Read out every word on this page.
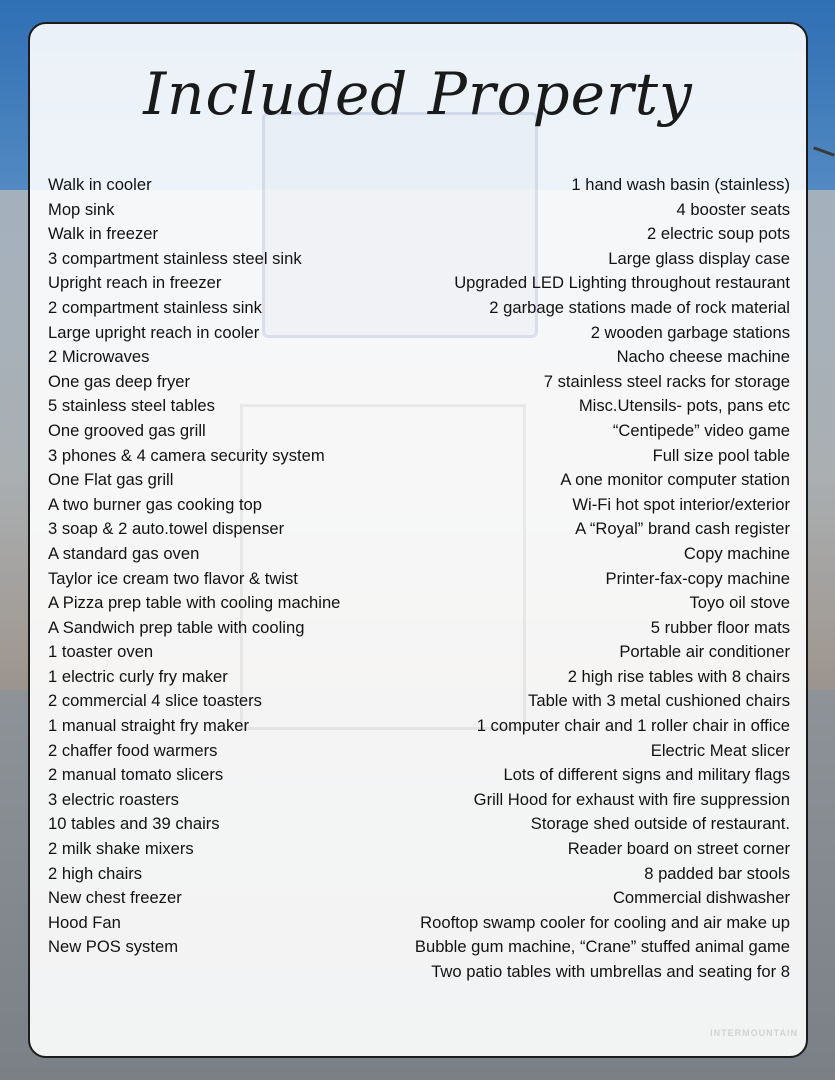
Included Property
Walk in cooler
Mop sink
Walk in freezer
3 compartment stainless steel sink
Upright reach in freezer
2 compartment stainless sink
Large upright reach in cooler
2 Microwaves
One gas deep fryer
5 stainless steel tables
One grooved gas grill
3 phones & 4 camera security system
One Flat gas grill
A two burner gas cooking top
3 soap & 2 auto.towel dispenser
A standard gas oven
Taylor ice cream two flavor & twist
A Pizza prep table with cooling machine
A Sandwich prep table with cooling
1 toaster oven
1 electric curly fry maker
2 commercial 4 slice toasters
1 manual straight fry maker
2 chaffer food warmers
2 manual tomato slicers
3 electric roasters
10 tables and 39 chairs
2 milk shake mixers
2 high chairs
New chest freezer
Hood Fan
New POS system
1 hand wash basin (stainless)
4 booster seats
2 electric soup pots
Large glass display case
Upgraded LED Lighting throughout restaurant
2 garbage stations made of rock material
2 wooden garbage stations
Nacho cheese machine
7 stainless steel racks for storage
Misc.Utensils- pots, pans etc
“Centipede” video game
Full size pool table
A one monitor computer station
Wi-Fi hot spot interior/exterior
A “Royal” brand cash register
Copy machine
Printer-fax-copy machine
Toyo oil stove
5 rubber floor mats
Portable air conditioner
2 high rise tables with 8 chairs
Table with 3 metal cushioned chairs
1 computer chair and 1 roller chair in office
Electric Meat slicer
Lots of different signs and military flags
Grill Hood for exhaust with fire suppression
Storage shed outside of restaurant.
Reader board on street corner
8 padded bar stools
Commercial dishwasher
Rooftop swamp cooler for cooling and air make up
Bubble gum machine, “Crane” stuffed animal game
Two patio tables with umbrellas and seating for 8
INTERMOUNTAIN
